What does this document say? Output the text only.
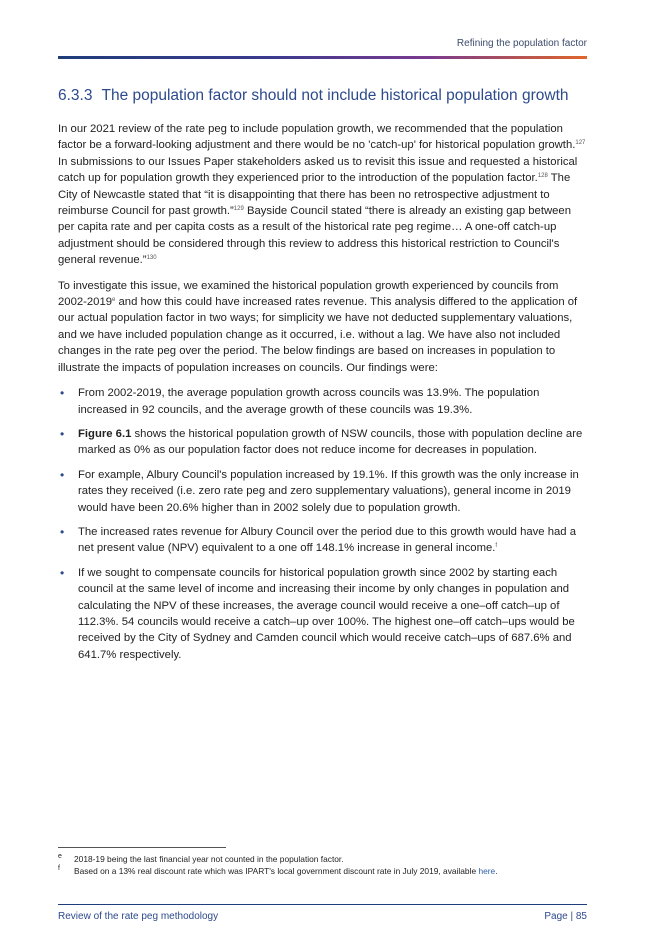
Refining the population factor
6.3.3 The population factor should not include historical population growth

In our 2021 review of the rate peg to include population growth, we recommended that the population factor be a forward-looking adjustment and there would be no 'catch-up' for historical population growth.$^{127}$ In submissions to our Issues Paper stakeholders asked us to revisit this issue and requested a historical catch up for population growth they experienced prior to the introduction of the population factor.$^{128}$ The City of Newcastle stated that “it is disappointing that there has been no retrospective adjustment to reimburse Council for past growth.”$^{129}$ Bayside Council stated “there is already an existing gap between per capita rate and per capita costs as a result of the historical rate peg regime… A one-off catch-up adjustment should be considered through this review to address this historical restriction to Council's general revenue.”$^{130}$

To investigate this issue, we examined the historical population growth experienced by councils from 2002-2019e and how this could have increased rates revenue. This analysis differed to the application of our actual population factor in two ways; for simplicity we have not deducted supplementary valuations, and we have included population change as it occurred, i.e. without a lag. We have also not included changes in the rate peg over the period. The below findings are based on increases in population to illustrate the impacts of population increases on councils. Our findings were:

• From 2002-2019, the average population growth across councils was 13.9%. The population increased in 92 councils, and the average growth of these councils was 19.3%.
• Figure 6.1 shows the historical population growth of NSW councils, those with population decline are marked as 0% as our population factor does not reduce income for decreases in population.
• For example, Albury Council's population increased by 19.1%. If this growth was the only increase in rates they received (i.e. zero rate peg and zero supplementary valuations), general income in 2019 would have been 20.6% higher than in 2002 solely due to population growth.
• The increased rates revenue for Albury Council over the period due to this growth would have had a net present value (NPV) equivalent to a one off 148.1% increase in general income.$^f$
• If we sought to compensate councils for historical population growth since 2002 by starting each council at the same level of income and increasing their income by only changes in population and calculating the NPV of these increases, the average council would receive a one–off catch–up of 112.3%. 54 councils would receive a catch–up over 100%. The highest one–off catch–ups would be received by the City of Sydney and Camden council which would receive catch–ups of 687.6% and 641.7% respectively.
e 2018-19 being the last financial year not counted in the population factor.
f Based on a 13% real discount rate which was IPART's local government discount rate in July 2019, available here.
Review of the rate peg methodology	Page | 85
